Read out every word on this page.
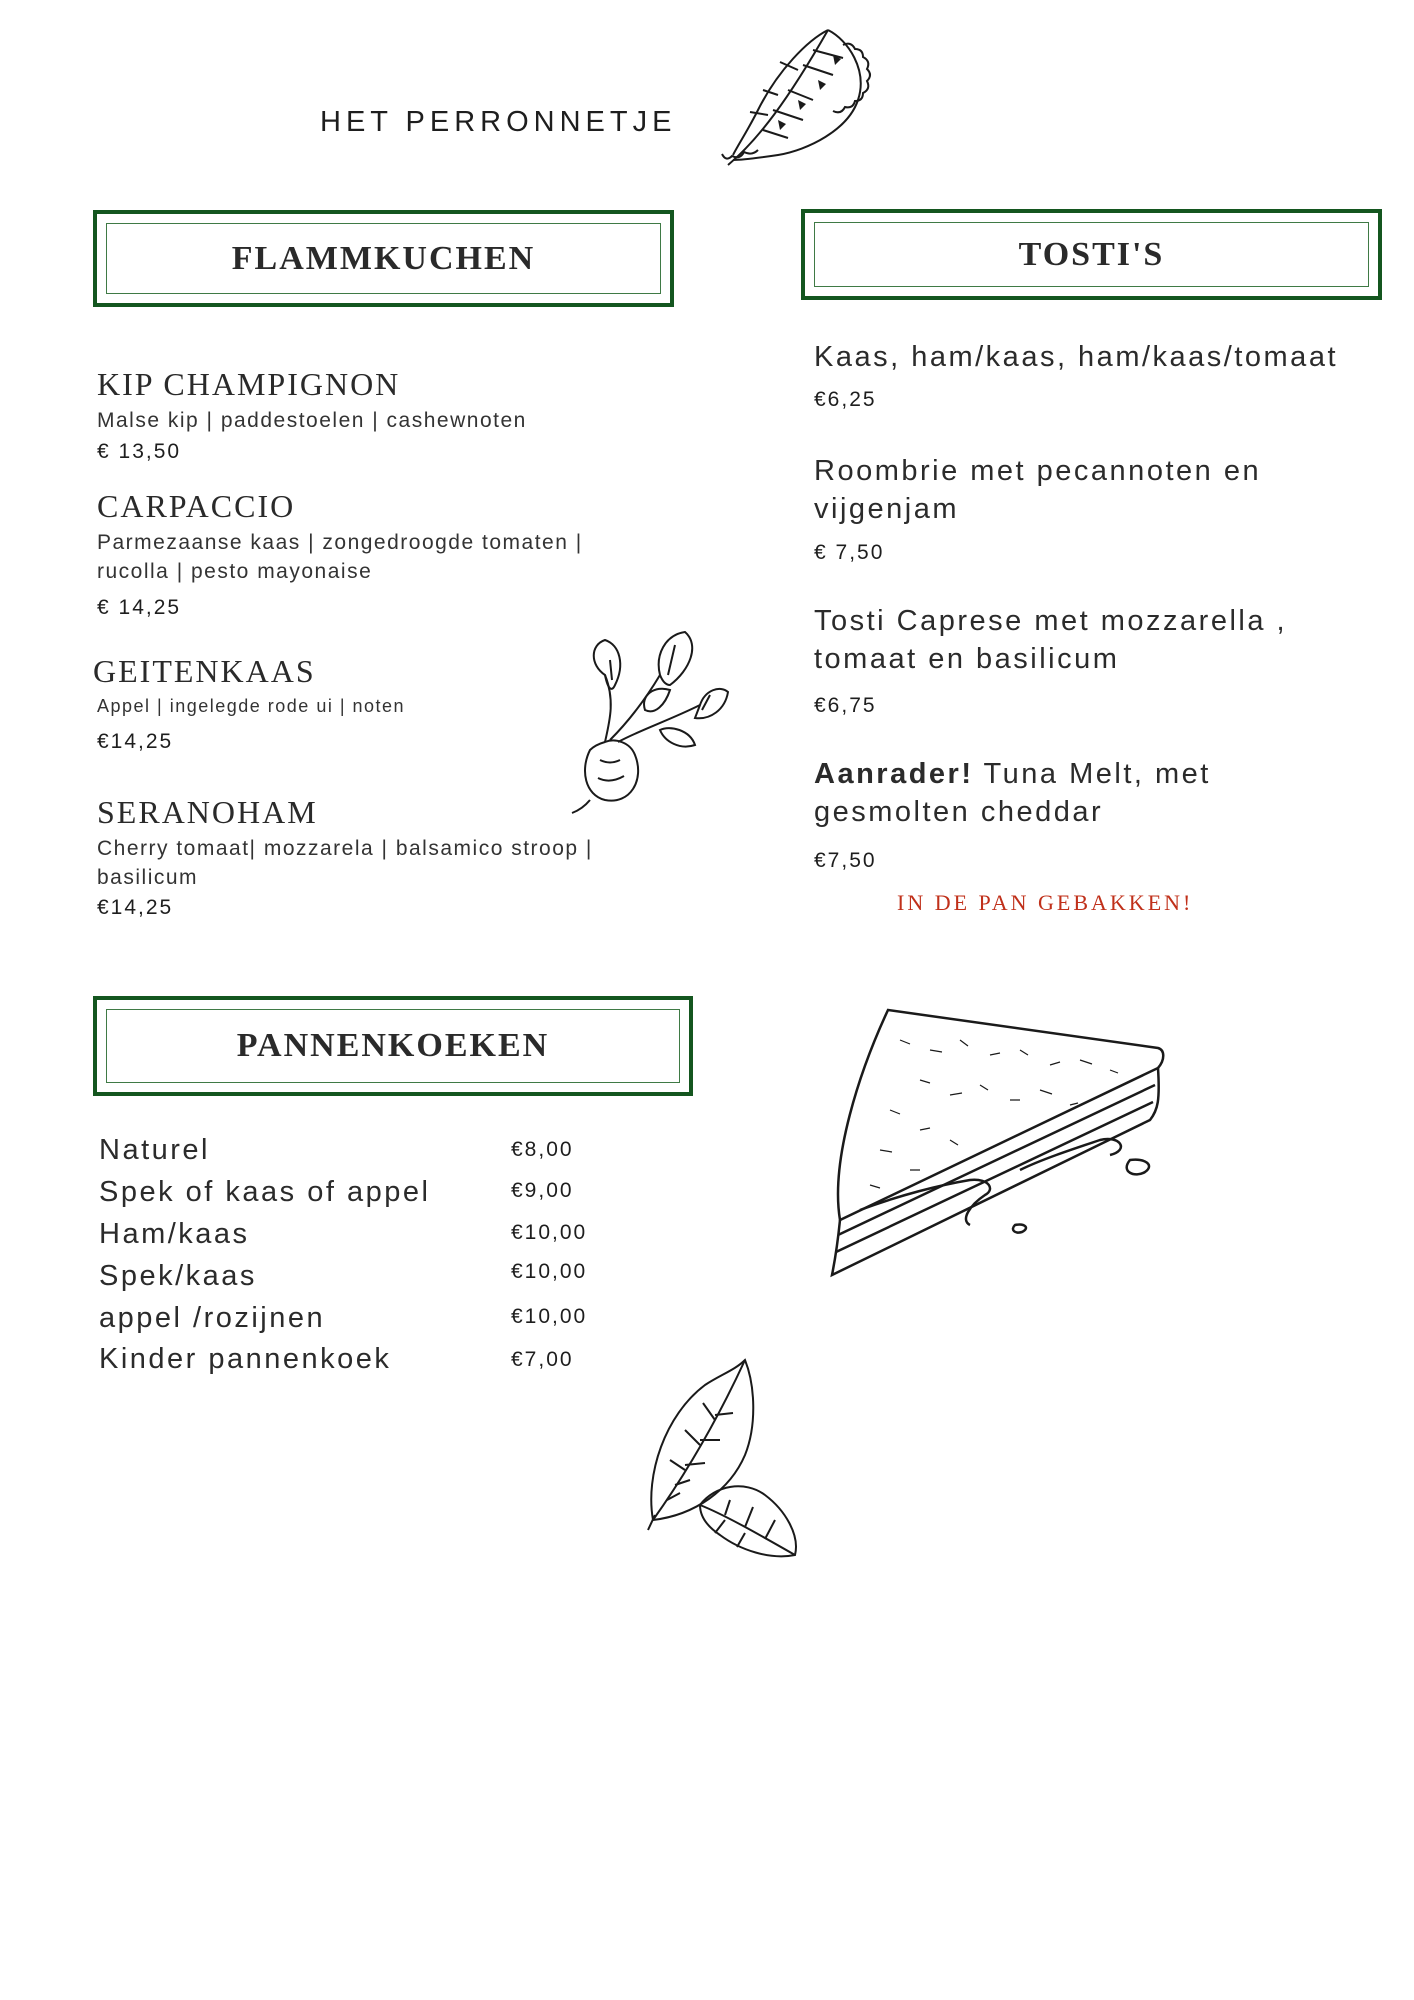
HET PERRONNETJE
FLAMMKUCHEN
KIP CHAMPIGNON
Malse kip | paddestoelen | cashewnoten
€ 13,50
CARPACCIO
Parmezaanse kaas | zongedroogde tomaten | rucolla | pesto mayonaise
€ 14,25
GEITENKAAS
Appel | ingelegde rode ui | noten
€14,25
SERANOHAM
Cherry tomaat| mozzarela | balsamico stroop | basilicum
€14,25
TOSTI'S
Kaas, ham/kaas, ham/kaas/tomaat
€6,25
Roombrie met pecannoten en vijgenjam
€ 7,50
Tosti Caprese met mozzarella , tomaat en basilicum
€6,75
Aanrader! Tuna Melt, met gesmolten cheddar
€7,50
IN DE PAN GEBAKKEN!
PANNENKOEKEN
Naturel	€8,00
Spek of kaas of appel	€9,00
Ham/kaas	€10,00
Spek/kaas	€10,00
appel /rozijnen	€10,00
Kinder pannenkoek	€7,00
